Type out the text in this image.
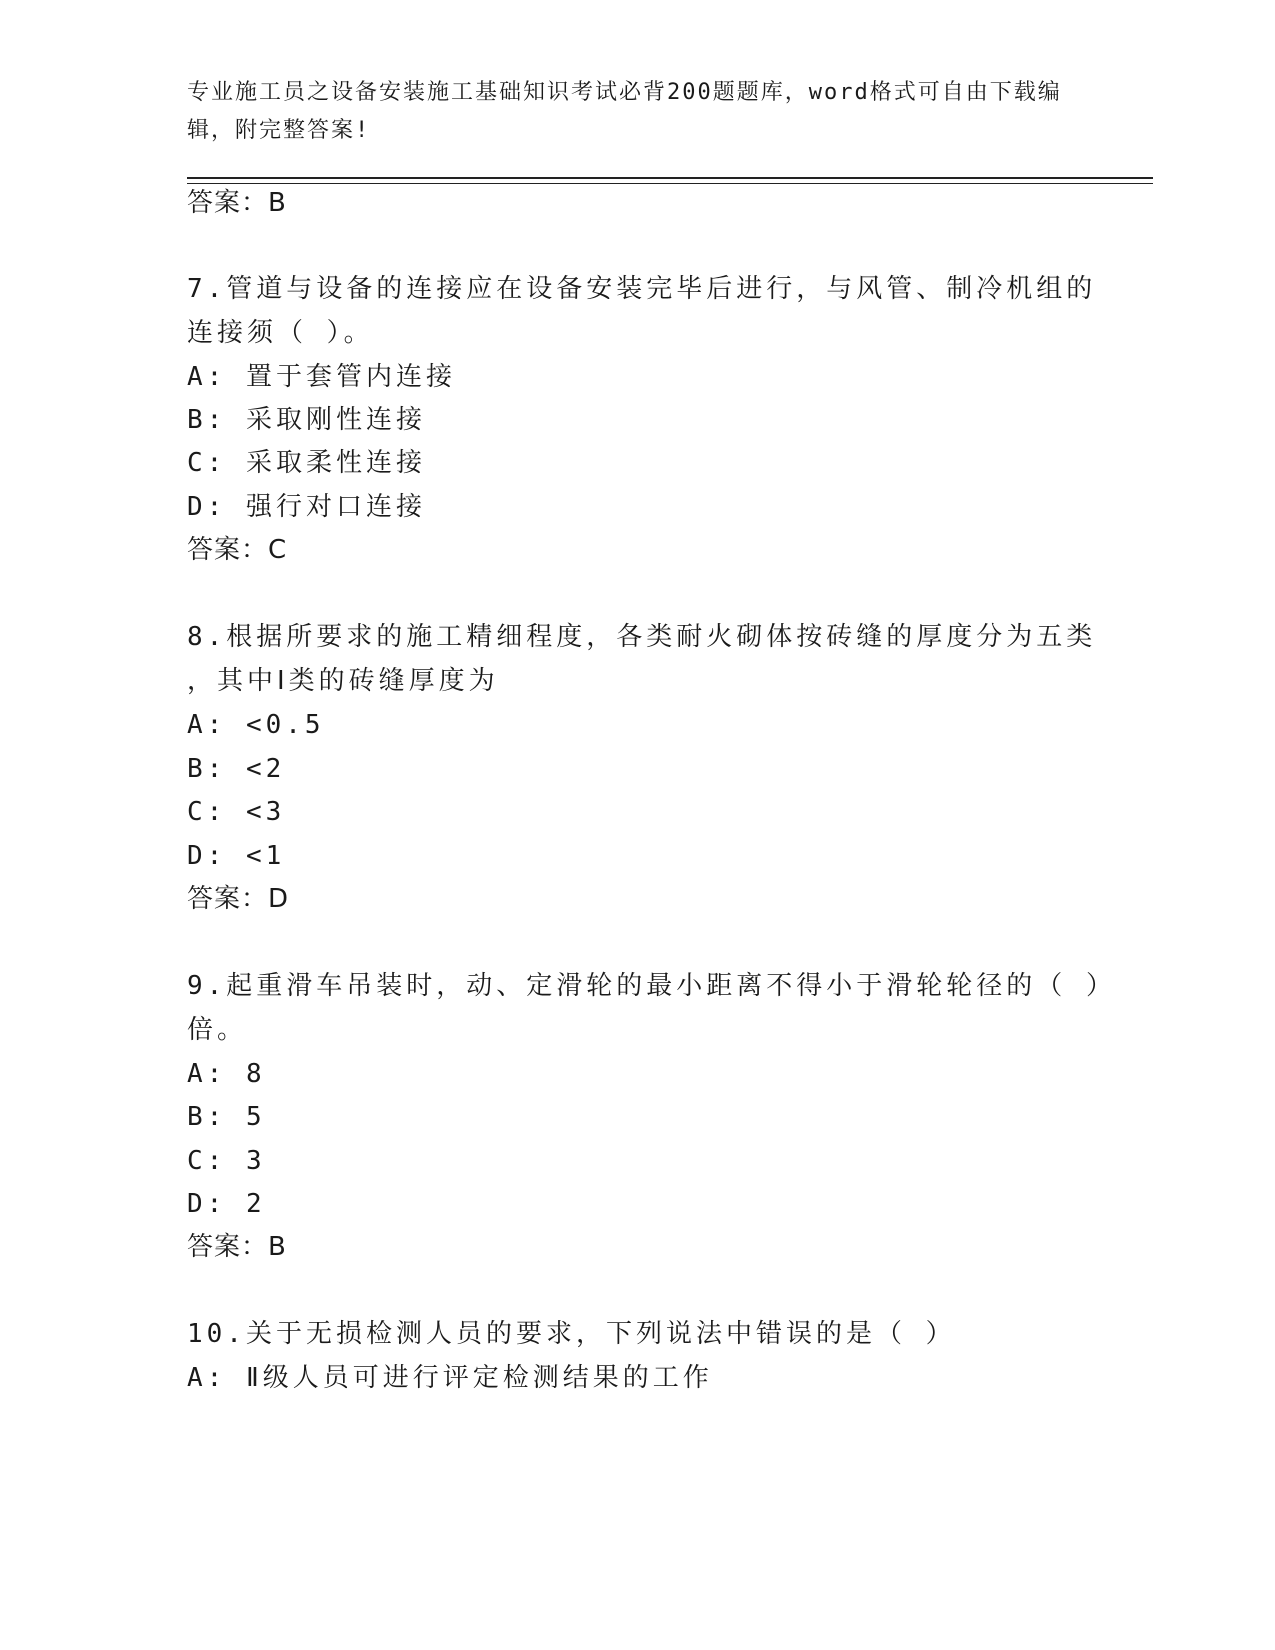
专业施工员之设备安装施工基础知识考试必背200题题库，word格式可自由下载编辑，附完整答案!
答案：B
7.管道与设备的连接应在设备安装完毕后进行，与风管、制冷机组的
连接须（ ）。
A: 置于套管内连接
B: 采取刚性连接
C: 采取柔性连接
D: 强行对口连接
答案：C
8.根据所要求的施工精细程度，各类耐火砌体按砖缝的厚度分为五类
，其中Ⅰ类的砖缝厚度为
A: <0.5
B: <2
C: <3
D: <1
答案：D
9.起重滑车吊装时，动、定滑轮的最小距离不得小于滑轮轮径的（ ）
倍。
A: 8
B: 5
C: 3
D: 2
答案：B
10.关于无损检测人员的要求，下列说法中错误的是（ ）
A: Ⅱ级人员可进行评定检测结果的工作
